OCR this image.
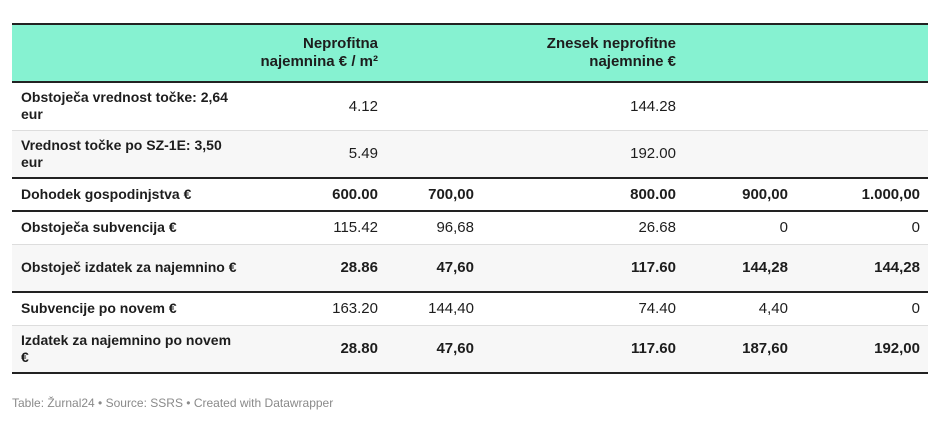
	Neprofitna najemnina € / m²		Znesek neprofitne najemnine €		
Obstoječa vrednost točke: 2,64 eur	4.12		144.28		
Vrednost točke po SZ-1E: 3,50 eur	5.49		192.00		
Dohodek gospodinjstva €	600.00	700,00	800.00	900,00	1.000,00
Obstoječa subvencija €	115.42	96,68	26.68	0	0
Obstoječ izdatek za najemnino €	28.86	47,60	117.60	144,28	144,28
Subvencije po novem €	163.20	144,40	74.40	4,40	0
Izdatek za najemnino po novem €	28.80	47,60	117.60	187,60	192,00
Table: Žurnal24 • Source: SSRS • Created with Datawrapper
